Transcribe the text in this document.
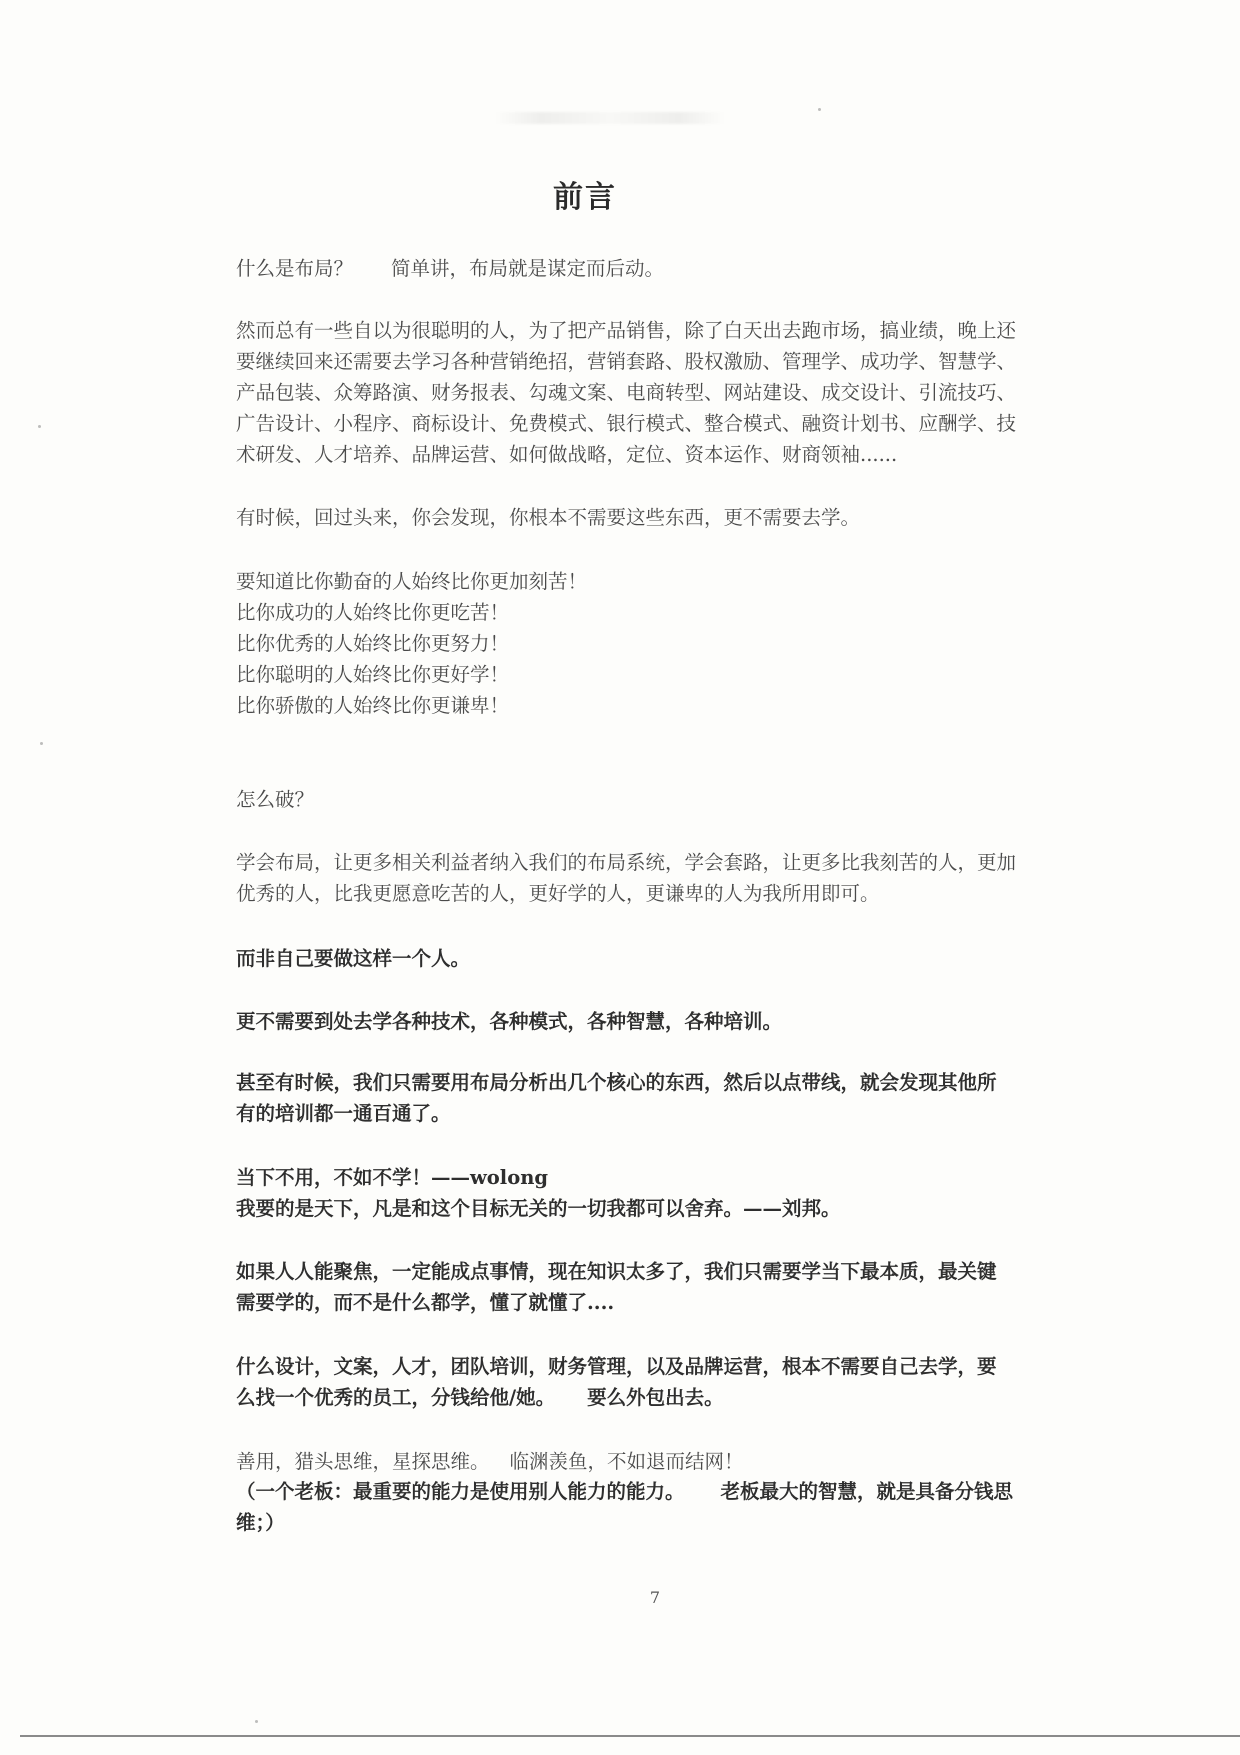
前言
什么是布局？ 简单讲，布局就是谋定而后动。
然而总有一些自以为很聪明的人，为了把产品销售，除了白天出去跑市场，搞业绩，晚上还
要继续回来还需要去学习各种营销绝招，营销套路、股权激励、管理学、成功学、智慧学、
产品包装、众筹路演、财务报表、勾魂文案、电商转型、网站建设、成交设计、引流技巧、
广告设计、小程序、商标设计、免费模式、银行模式、整合模式、融资计划书、应酬学、技
术研发、人才培养、品牌运营、如何做战略，定位、资本运作、财商领袖......
有时候，回过头来，你会发现，你根本不需要这些东西，更不需要去学。
要知道比你勤奋的人始终比你更加刻苦！
比你成功的人始终比你更吃苦！
比你优秀的人始终比你更努力！
比你聪明的人始终比你更好学！
比你骄傲的人始终比你更谦卑！
怎么破？
学会布局，让更多相关利益者纳入我们的布局系统，学会套路，让更多比我刻苦的人，更加
优秀的人，比我更愿意吃苦的人，更好学的人，更谦卑的人为我所用即可。
而非自己要做这样一个人。
更不需要到处去学各种技术，各种模式，各种智慧，各种培训。
甚至有时候，我们只需要用布局分析出几个核心的东西，然后以点带线，就会发现其他所
有的培训都一通百通了。
当下不用，不如不学！——wolong
我要的是天下，凡是和这个目标无关的一切我都可以舍弃。——刘邦。
如果人人能聚焦，一定能成点事情，现在知识太多了，我们只需要学当下最本质，最关键
需要学的，而不是什么都学，懂了就懂了....
什么设计，文案，人才，团队培训，财务管理，以及品牌运营，根本不需要自己去学，要
么找一个优秀的员工，分钱给他/她。 要么外包出去。
善用，猎头思维，星探思维。 临渊羡鱼，不如退而结网！
（一个老板：最重要的能力是使用别人能力的能力。 老板最大的智慧，就是具备分钱思
维；）
7
